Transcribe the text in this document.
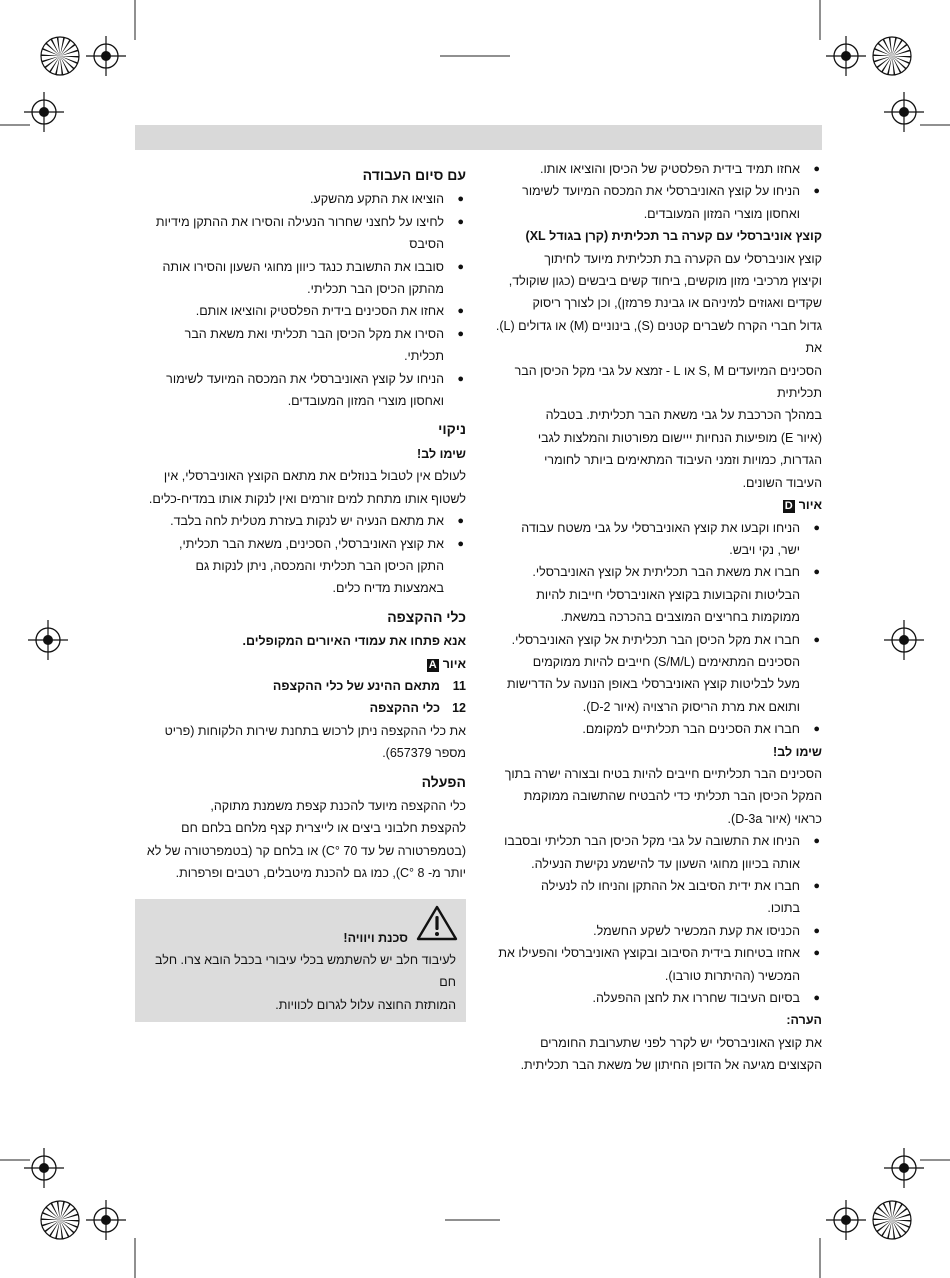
●
אחזו תמיד בידית הפלסטיק של הכיסן והוציאו אותו.
●
הניחו על קוצץ האוניברסלי את המכסה המיועד לשימור
ואחסון מוצרי המזון המעובדים.
קוצץ אוניברסלי עם קערה בר תכליתית (קרן בגודל XL)
קוצץ אוניברסלי עם הקערה בת תכליתית מיועד לחיתוך
וקיצוץ מרכיבי מזון מוקשים, ביחוד קשים ביבשים (כגון שוקולד,
שקדים ואגוזים למיניהם או גבינת פרמזן), וכן לצורך ריסוק
גדול חברי הקרח לשברים קטנים (S), בינוניים (M) או גדולים (L). את
הסכינים המיועדים S, M או L - זמצא על גבי מקל הכיסן הבר תכליתית
במהלך הכרכבת על גבי משאת הבר תכליתית. בטבלה
(איור E) מופיעות הנחיות ייישום מפורטות והמלצות לגבי
הגדרות, כמויות וזמני העיבוד המתאימים ביותר לחומרי
העיבוד השונים.
איורD
●
הניחו וקבעו את קוצץ האוניברסלי על גבי משטח עבודה
ישר, נקי ויבש.
●
חברו את משאת הבר תכליתית אל קוצץ האוניברסלי.
הבליטות והקבועות בקוצץ האוניברסלי חייבות להיות
ממוקמות בחריצים המוצבים בהכרכה במשאת.
●
חברו את מקל הכיסן הבר תכליתית אל קוצץ האוניברסלי.
הסכינים המתאימים (S/M/L) חייבים להיות ממוקמים
מעל לבליטות קוצץ האוניברסלי באופן הנועה על הדרישות
ותואם את מרת הריסוק הרצויה (איור D-2).
●
חברו את הסכינים הבר תכליתיים למקומם.
שימו לב!
הסכינים הבר תכליתיים חייבים להיות בטיח ובצורה ישרה בתוך
המקל הכיסן הבר תכליתי כדי להבטיח שהתשובה ממוקמת
כראוי (איור D-3a).
●
הניחו את התשובה על גבי מקל הכיסן הבר תכליתי ובסבבו
אותה בכיוון מחוגי השעון עד להישמע נקישת הנעילה.
●
חברו את ידית הסיבוב אל ההתקן והניחו לה לנעילה
בתוכו.
●
הכניסו את קעת המכשיר לשקע החשמל.
●
אחזו בטיחות בידית הסיבוב ובקוצץ האוניברסלי והפעילו את
המכשיר (ההיתרות טורבו).
●
בסיום העיבוד שחררו את לחצן ההפעלה.
הערה:
את קוצץ האוניברסלי יש לקרר לפני שתערובת החומרים
הקצוצים מגיעה אל הדופן החיתון של משאת הבר תכליתית.
עם סיום העבודה
●
הוציאו את התקע מהשקע.
●
לחיצו על לחצני שחרור הנעילה והסירו את ההתקן מידיות
הסיבס
●
סובבו את התשובת כנגד כיוון מחוגי השעון והסירו אותה
מהתקן הכיסן הבר תכליתי.
●
אחזו את הסכינים בידית הפלסטיק והוציאו אותם.
●
הסירו את מקל הכיסן הבר תכליתי ואת משאת הבר
תכליתי.
●
הניחו על קוצץ האוניברסלי את המכסה המיועד לשימור
ואחסון מוצרי המזון המעובדים.
ניקוי
שימו לב!
לעולם אין לטבול בנוזלים את מתאם הקוצץ האוניברסלי, אין
לשטוף אותו מתחת למים זורמים ואין לנקות אותו במדיח-כלים.
●
את מתאם הנעיה יש לנקות בעזרת מטלית לחה בלבד.
●
את קוצץ האוניברסלי, הסכינים, משאת הבר תכליתי,
התקן הכיסן הבר תכליתי והמכסה, ניתן לנקות גם
באמצעות מדיח כלים.
כלי ההקצפה
אנא פתחו את עמודי האיורים המקופלים.
איורA
11מתאם ההינע של כלי ההקצפה
12כלי ההקצפה
את כלי ההקצפה ניתן לרכוש בתחנת שירות הלקוחות (פריט
מספר 657379).
הפעלה
כלי ההקצפה מיועד להכנת קצפת משמנת מתוקה,
להקצפת חלבוני ביצים או לייצרית קצף מלחם בלחם חם
(בטמפרטורה של עד 70 °C) או בלחם קר (בטמפרטורה של לא
יותר מ- 8 °C), כמו גם להכנת מיטבלים, רטבים ופרפרות.
סכנת ויוויה!
לעיבוד חלב יש להשתמש בכלי עיבורי בכבל הובא צרו. חלב חם
המותזת החוצה עלול לגרום לכוויות.
